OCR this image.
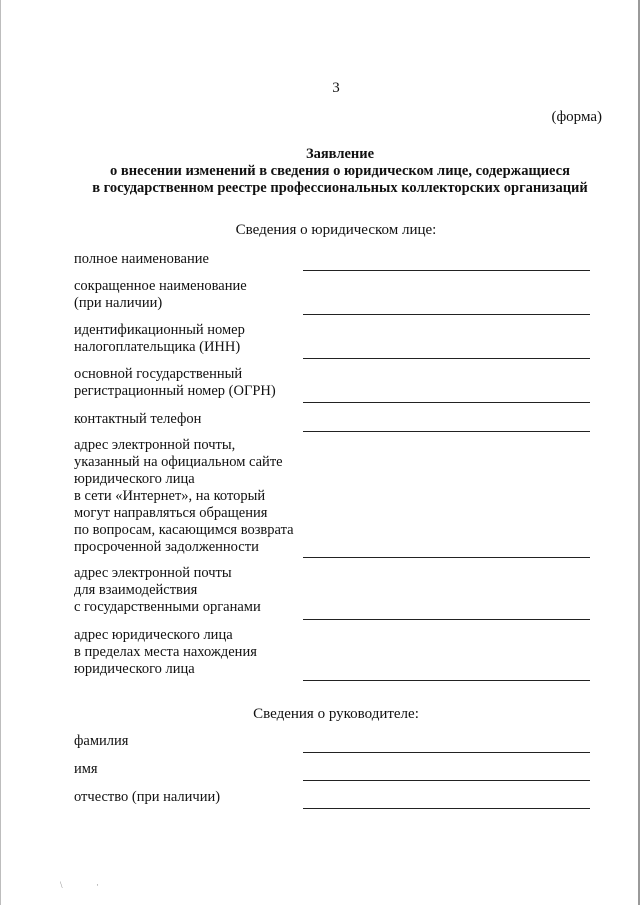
3
(форма)
Заявление
о внесении изменений в сведения о юридическом лице, содержащиеся
в государственном реестре профессиональных коллекторских организаций
Сведения о юридическом лице:
полное наименование
сокращенное наименование
(при наличии)
идентификационный номер
налогоплательщика (ИНН)
основной государственный
регистрационный номер (ОГРН)
контактный телефон
адрес электронной почты,
указанный на официальном сайте
юридического лица
в сети «Интернет», на который
могут направляться обращения
по вопросам, касающимся возврата
просроченной задолженности
адрес электронной почты
для взаимодействия
с государственными органами
адрес юридического лица
в пределах места нахождения
юридического лица
Сведения о руководителе:
фамилия
имя
отчество (при наличии)
\	·
